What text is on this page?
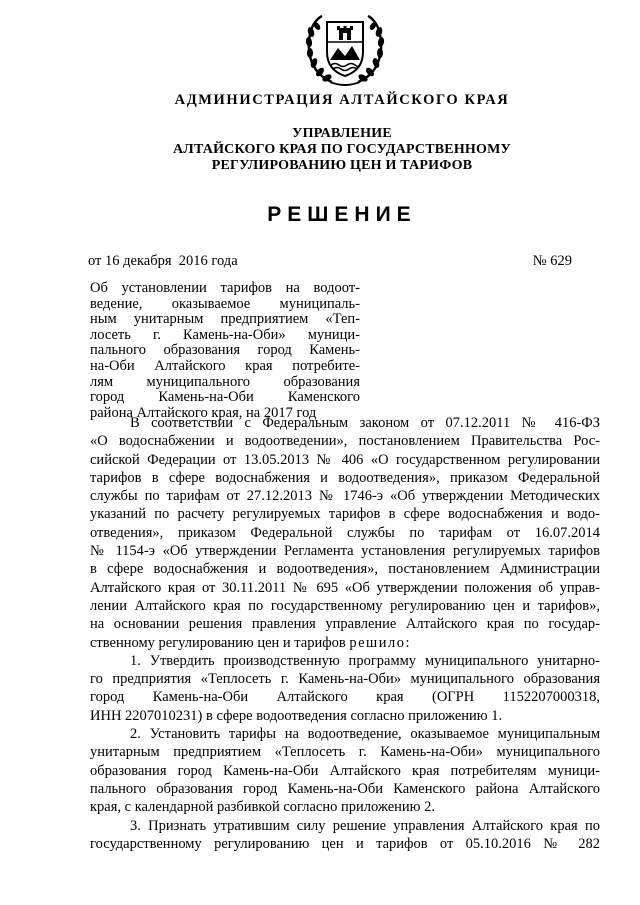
АДМИНИСТРАЦИЯ АЛТАЙСКОГО КРАЯ
УПРАВЛЕНИЕ
АЛТАЙСКОГО КРАЯ ПО ГОСУДАРСТВЕННОМУ
РЕГУЛИРОВАНИЮ ЦЕН И ТАРИФОВ
РЕШЕНИЕ
от 16 декабря  2016 года	№ 629
Об установлении тарифов на водоот-
ведение, оказываемое муниципаль-
ным унитарным предприятием «Теп-
лосеть г. Камень-на-Оби» муници-
пального образования город Камень-
на-Оби Алтайского края потребите-
лям муниципального образования
город Камень-на-Оби Каменского
района Алтайского края, на 2017 год
В соответствии с Федеральным законом от 07.12.2011 № 416-ФЗ
«О водоснабжении и водоотведении», постановлением Правительства Рос-
сийской Федерации от 13.05.2013 № 406 «О государственном регулировании
тарифов в сфере водоснабжения и водоотведения», приказом Федеральной
службы по тарифам от 27.12.2013 № 1746-э «Об утверждении Методических
указаний по расчету регулируемых тарифов в сфере водоснабжения и водо-
отведения», приказом Федеральной службы по тарифам от 16.07.2014
№ 1154-э «Об утверждении Регламента установления регулируемых тарифов
в сфере водоснабжения и водоотведения», постановлением Администрации
Алтайского края от 30.11.2011 № 695 «Об утверждении положения об управ-
лении Алтайского края по государственному регулированию цен и тарифов»,
на основании решения правления управление Алтайского края по государ-
ственному регулированию цен и тарифов решило:
1. Утвердить производственную программу муниципального унитарно-
го предприятия «Теплосеть г. Камень-на-Оби» муниципального образования
город Камень-на-Оби Алтайского края (ОГРН 1152207000318,
ИНН 2207010231) в сфере водоотведения согласно приложению 1.
2. Установить тарифы на водоотведение, оказываемое муниципальным
унитарным предприятием «Теплосеть г. Камень-на-Оби» муниципального
образования город Камень-на-Оби Алтайского края потребителям муници-
пального образования город Камень-на-Оби Каменского района Алтайского
края, с календарной разбивкой согласно приложению 2.
3. Признать утратившим силу решение управления Алтайского края по
государственному регулированию цен и тарифов от 05.10.2016 № 282
